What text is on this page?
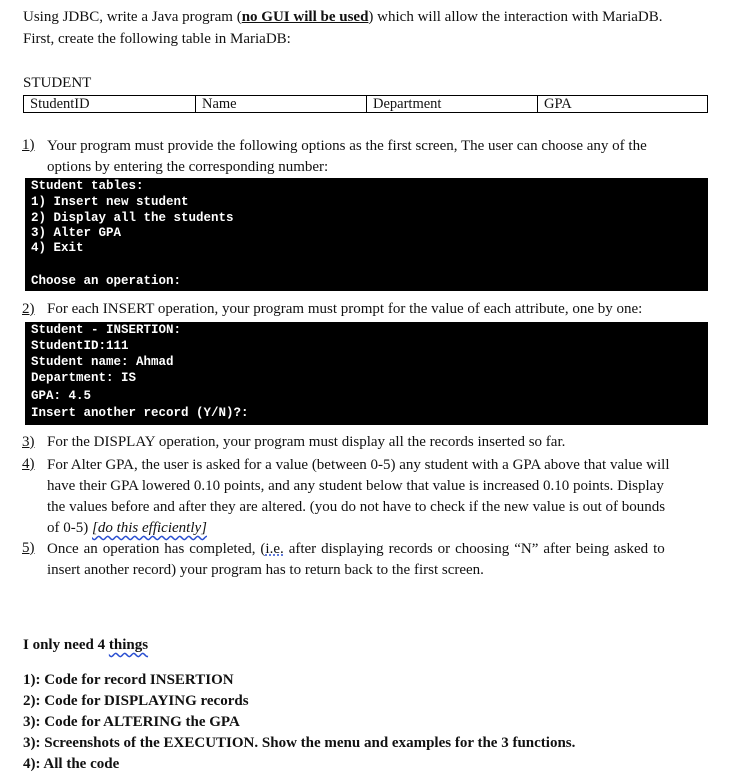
Using JDBC, write a Java program (no GUI will be used) which will allow the interaction with MariaDB.
First, create the following table in MariaDB:
STUDENT
StudentID	Name	Department	GPA
1) Your program must provide the following options as the first screen, The user can choose any of the
options by entering the corresponding number:
Student tables:
1) Insert new student
2) Display all the students
3) Alter GPA
4) Exit
Choose an operation:
2) For each INSERT operation, your program must prompt for the value of each attribute, one by one:
Student - INSERTION:
StudentID:111
Student name: Ahmad
Department: IS
GPA: 4.5
Insert another record (Y/N)?:
3) For the DISPLAY operation, your program must display all the records inserted so far.
4) For Alter GPA, the user is asked for a value (between 0-5) any student with a GPA above that value will
have their GPA lowered 0.10 points, and any student below that value is increased 0.10 points. Display
the values before and after they are altered. (you do not have to check if the new value is out of bounds
of 0-5) [do this efficiently]
5) Once an operation has completed, (i.e. after displaying records or choosing “N” after being asked to
insert another record) your program has to return back to the first screen.
I only need 4 things
1): Code for record INSERTION
2): Code for DISPLAYING records
3): Code for ALTERING the GPA
3): Screenshots of the EXECUTION. Show the menu and examples for the 3 functions.
4): All the code
